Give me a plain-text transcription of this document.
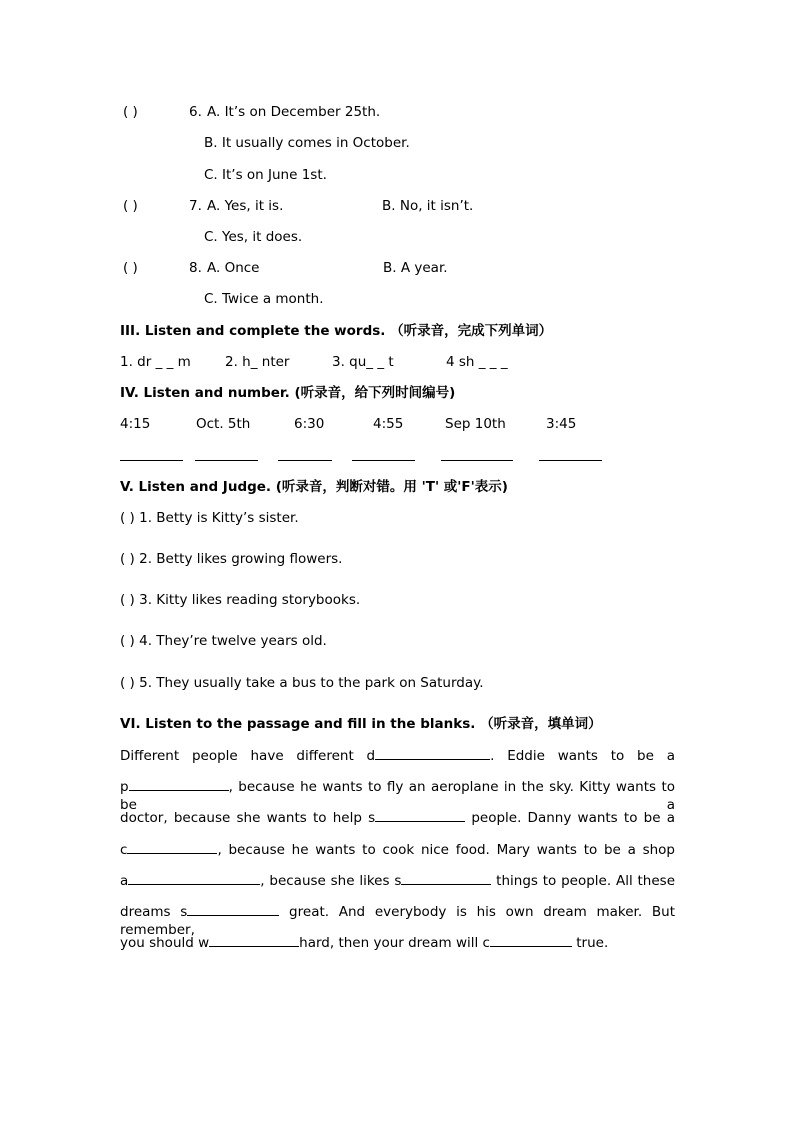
( )	6. A. It’s on December 25th.
B. It usually comes in October.
C. It’s on June 1st.
( )	7. A. Yes, it is.	B. No, it isn’t.
C. Yes, it does.
( )	8. A. Once	B. A year.
C. Twice a month.
III. Listen and complete the words. （听录音，完成下列单词）
1. dr _ _ m	2. h_ nter	3. qu_ _ t	4 sh _ _ _
IV. Listen and number. (听录音，给下列时间编号)
4:15	Oct. 5th	6:30	4:55	Sep 10th	3:45
V. Listen and Judge. (听录音，判断对错。用 'T' 或'F'表示)
( ) 1. Betty is Kitty’s sister.
( ) 2. Betty likes growing flowers.
( ) 3. Kitty likes reading storybooks.
( ) 4. They’re twelve years old.
( ) 5. They usually take a bus to the park on Saturday.
VI. Listen to the passage and fill in the blanks. （听录音，填单词）
Different people have different d	. Eddie wants to be a
p	, because he wants to fly an aeroplane in the sky. Kitty wants to be a
doctor, because she wants to help s	people. Danny wants to be a
c	, because he wants to cook nice food. Mary wants to be a shop
a	, because she likes s	things to people. All these
dreams s	great. And everybody is his own dream maker. But remember,
you should w	hard, then your dream will c	true.
